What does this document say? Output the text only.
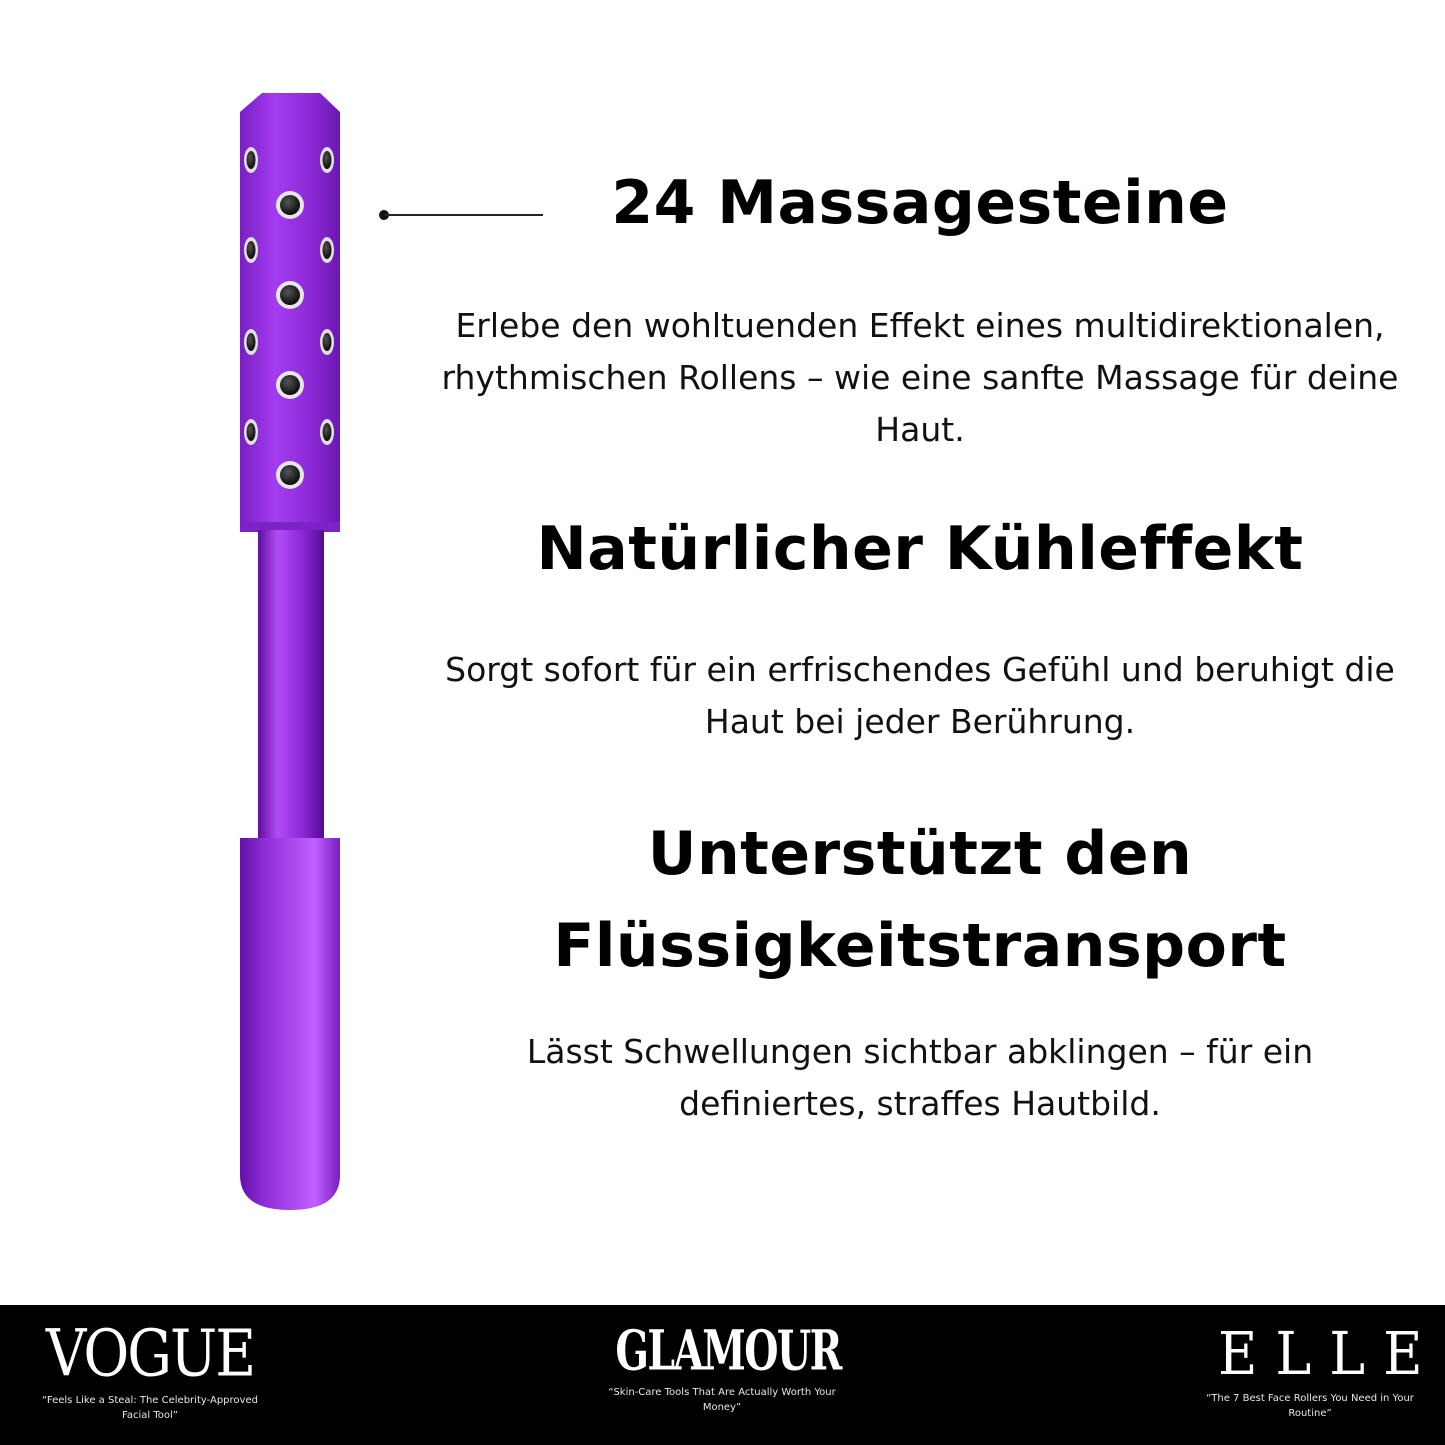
24 Massagesteine
Erlebe den wohltuenden Effekt eines multidirektionalen, rhythmischen Rollens – wie eine sanfte Massage für deine Haut.
Natürlicher Kühleffekt
Sorgt sofort für ein erfrischendes Gefühl und beruhigt die Haut bei jeder Berührung.
Unterstützt den Flüssigkeitstransport
Lässt Schwellungen sichtbar abklingen – für ein definiertes, straffes Hautbild.
VOGUE
“Feels Like a Steal: The Celebrity-Approved Facial Tool”
GLAMOUR
“Skin-Care Tools That Are Actually Worth Your Money”
ELLE
“The 7 Best Face Rollers You Need in Your Routine”
